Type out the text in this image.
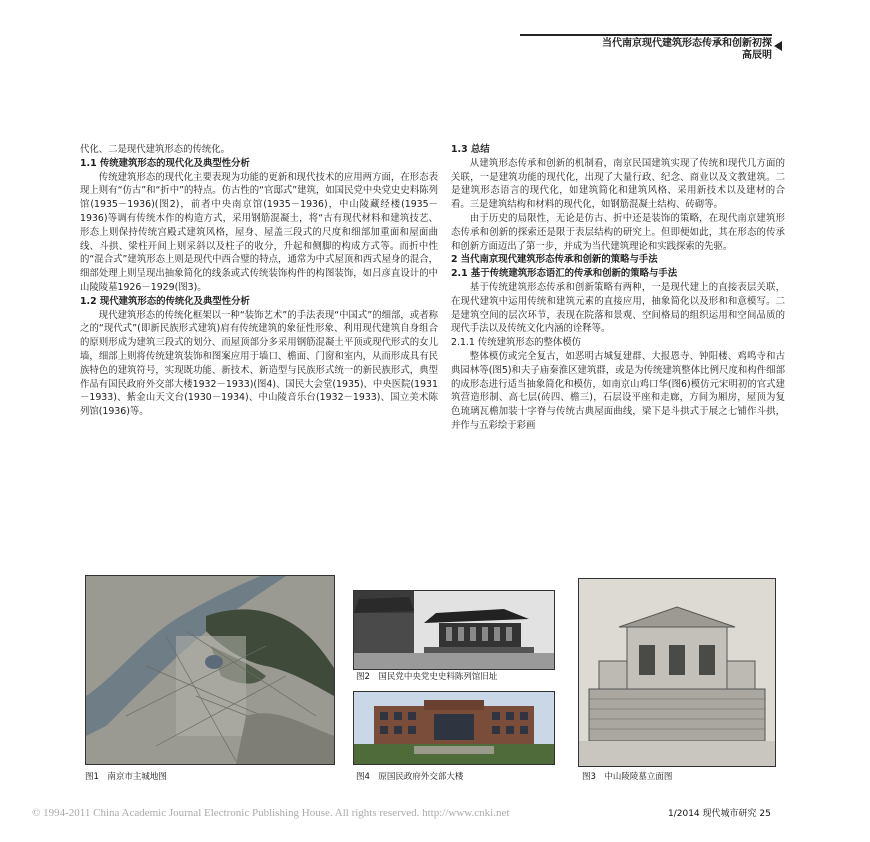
当代南京现代建筑形态传承和创新初探
高辰明

代化、二是现代建筑形态的传统化。

1.1 传统建筑形态的现代化及典型性分析

传统建筑形态的现代化主要表现为功能的更新和现代技术的应用两方面，在形态表现上则有“仿古”和“折中”的特点。仿古性的“官邸式”建筑，如国民党中央党史史料陈列馆(1935－1936)(图2)，前者中央南京馆(1935－1936)，中山陵藏经楼(1935－1936)等调有传统木作的构造方式，采用钢筋混凝土，将“古有现代材料和建筑技艺、形态上则保持传统宫殿式建筑风格，屋身、屋盖三段式的尺度和细部加重面和屋面曲线、斗拱、梁柱开间上则采斜以及柱子的收分，升起和侧脚的构成方式等。而折中性的“混合式”建筑形态上则是现代中西合璧的特点，通常为中式屋顶和西式屋身的混合，细部处理上则呈现出抽象简化的线条或式传统装饰构件的构图装饰，如吕彦直设计的中山陵陵墓1926－1929(图3)。

1.2 现代建筑形态的传统化及典型性分析

现代建筑形态的传统化框架以一种“装饰艺术”的手法表现“中国式”的细部，或者称之的“现代式”(即新民族形式建筑)肩有传统建筑的象征性形象、利用现代建筑自身组合的原则形成为建筑三段式的划分、而屋顶部分多采用钢筋混凝土平顶或现代形式的女儿墙，细部上则将传统建筑装饰和图案应用于墙口、檐面、门窗和室内，从而形成具有民族特色的建筑符号，实现既功能、新技术、新造型与民族形式统一的新民族形式，典型作品有国民政府外交部大楼1932－1933)(图4)、国民大会堂(1935)、中央医院(1931－1933)、紫金山天文台(1930－1934)、中山陵音乐台(1932－1933)、国立美术陈列馆(1936)等。

1.3 总结

从建筑形态传承和创新的机制看，南京民国建筑实现了传统和现代几方面的关联，一是建筑功能的现代化，出现了大量行政、纪念、商业以及文教建筑。二是建筑形态语言的现代化，如建筑简化和建筑风格、采用新技术以及建材的合看。三是建筑结构和材料的现代化，如钢筋混凝土结构、砖砌等。

由于历史的局限性，无论是仿古、折中还是装饰的策略，在现代南京建筑形态传承和创新的探索还是限于表层结构的研究上。但即便如此，其在形态的传承和创新方面迈出了第一步，并成为当代建筑理论和实践探索的先驱。

2 当代南京现代建筑形态传承和创新的策略与手法

2.1 基于传统建筑形态语汇的传承和创新的策略与手法

基于传统建筑形态传承和创新策略有两种，一是现代建上的直接表层关联，在现代建筑中运用传统和建筑元素的直接应用，抽象简化以及形和和意模写。二是建筑空间的层次环节，表现在院落和景观、空间格局的组织运用和空间品质的现代手法以及传统文化内涵的诠释等。

2.1.1 传统建筑形态的整体模仿

整体模仿或完全复古，如恶明古城复建群、大报恩寺、钟阳楼、鸡鸣寺和古典园林等(图5)和夫子庙秦淮区建筑群，或是为传统建筑整体比例尺度和构件细部的成形态进行适当抽象简化和模仿，如南京山鸡口华(图6)模仿元宋明初的官式建筑营造形制、高七层(砖四、檐三)，石层设平座和走廊，方间为厢房，屋顶为复色琉璃瓦檐加装十字脊与传统古典屋面曲线，梁下是斗拱式于展之七铺作斗拱，并作与五彩绘于彩画

图1　南京市主城地图
图2　国民党中央党史史料陈列馆旧址
图4　原国民政府外交部大楼	图3　中山陵陵墓立面图
© 1994-2011 China Academic Journal Electronic Publishing House. All rights reserved. http://www.cnki.net	1/2014 现代城市研究 25
